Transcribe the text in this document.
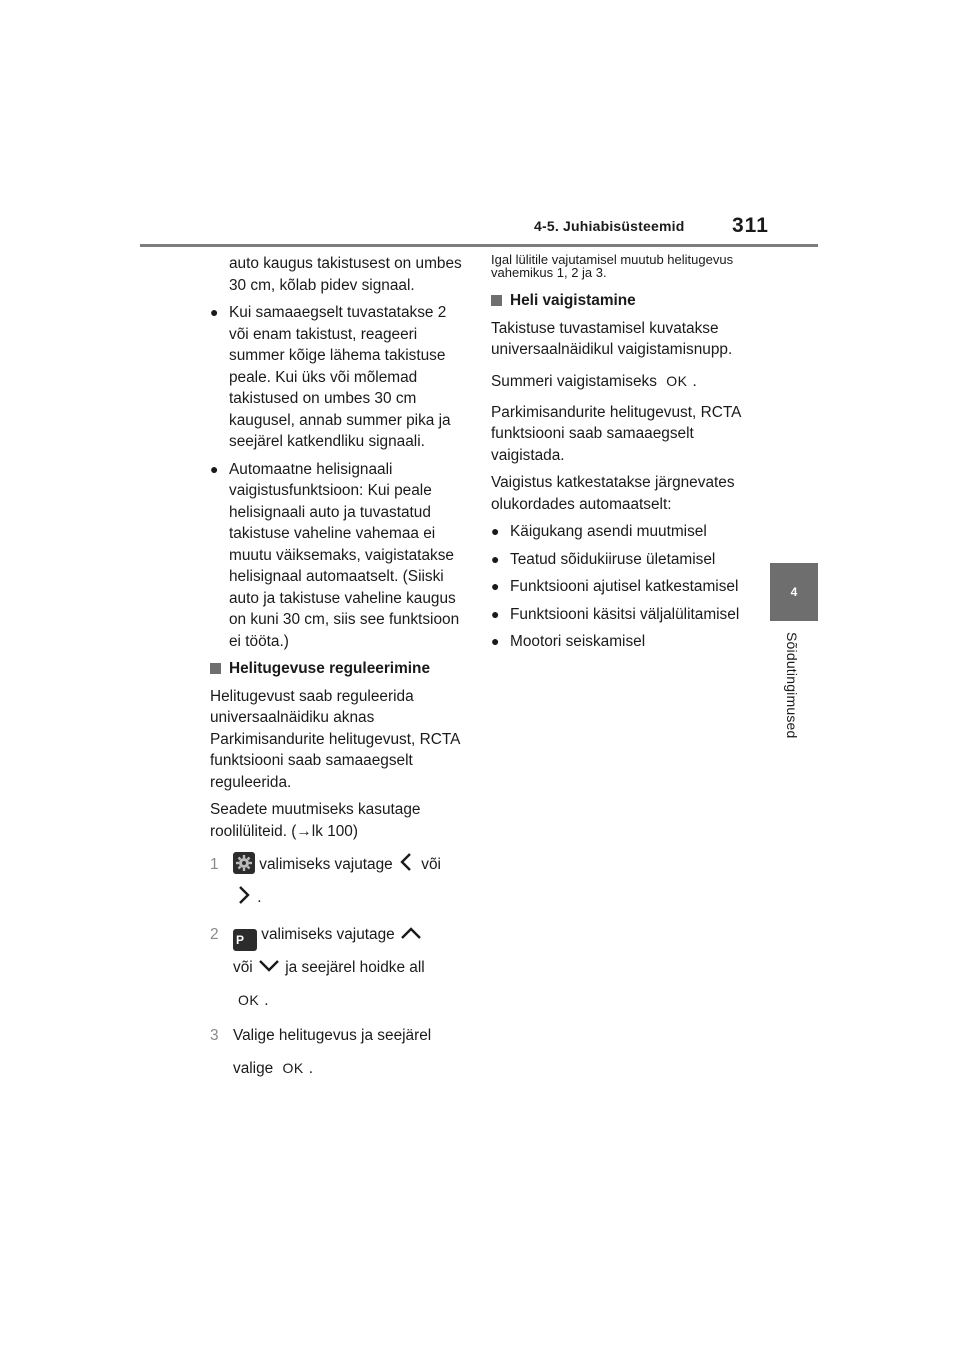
4-5. Juhiabisüsteemid 311
4
Sõidutingimused

auto kaugus takistusest on umbes 30 cm, kõlab pidev signaal.

● Kui samaaegselt tuvastatakse 2 või enam takistust, reageeri summer kõige lähema takistuse peale. Kui üks või mõlemad takistused on umbes 30 cm kaugusel, annab summer pika ja seejärel katkendliku signaali.
● Automaatne helisignaali vaigistusfunktsioon: Kui peale helisignaali auto ja tuvastatud takistuse vaheline vahemaa ei muutu väiksemaks, vaigistatakse helisignaal automaatselt. (Siiski auto ja takistuse vaheline kaugus on kuni 30 cm, siis see funktsioon ei tööta.)
Helitugevuse reguleerimine

Helitugevust saab reguleerida universaalnäidiku aknas Parkimisandurite helitugevust, RCTA funktsiooni saab samaaegselt reguleerida.

Seadete muutmiseks kasutage roolilüliteid. (→lk 100)

1	valimiseks vajutage või
.
2 P valimiseks vajutage
või ja seejärel hoidke all
OK .
3 Valige helitugevus ja seejärel
valige OK .

Igal lülitile vajutamisel muutub helitugevus vahemikus 1, 2 ja 3.

Heli vaigistamine

Takistuse tuvastamisel kuvatakse universaalnäidikul vaigistamisnupp.

Summeri vaigistamiseks OK .

Parkimisandurite helitugevust, RCTA funktsiooni saab samaaegselt vaigistada.

Vaigistus katkestatakse järgnevates olukordades automaatselt:

● Käigukang asendi muutmisel
● Teatud sõidukiiruse ületamisel
● Funktsiooni ajutisel katkestamisel
● Funktsiooni käsitsi väljalülitamisel
● Mootori seiskamisel
